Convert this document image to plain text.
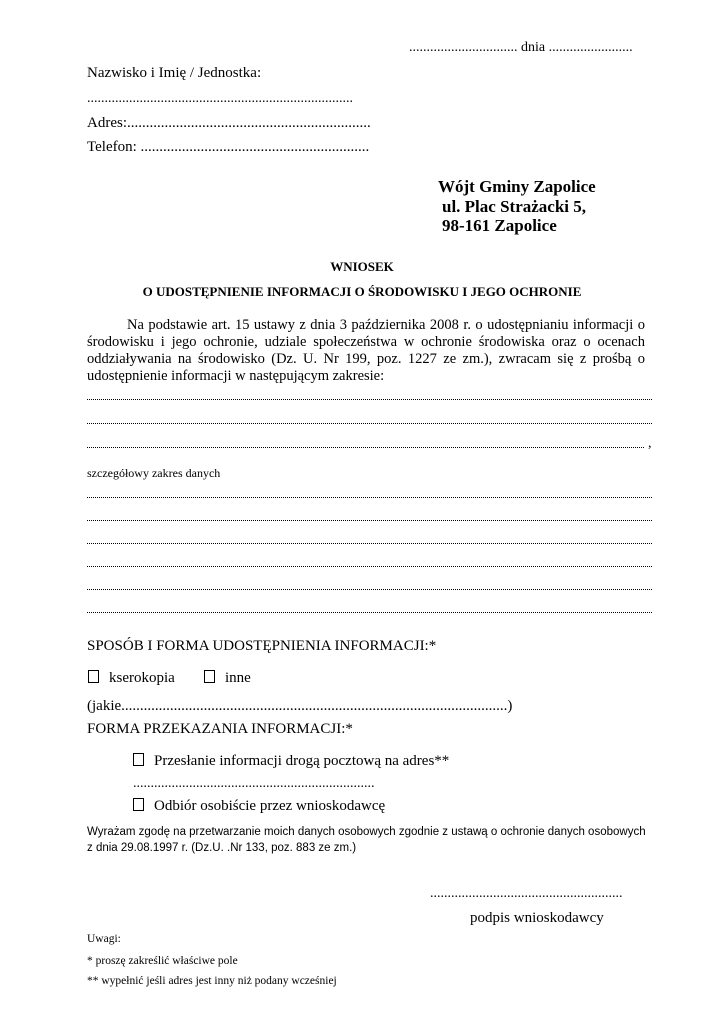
............................... dnia ........................
Nazwisko i Imię / Jednostka:
............................................................................
Adres:.................................................................
Telefon: .............................................................
Wójt Gminy Zapolice
ul. Plac Strażacki 5,
98-161 Zapolice
WNIOSEK
O UDOSTĘPNIENIE INFORMACJI O ŚRODOWISKU I JEGO OCHRONIE
Na podstawie art. 15 ustawy z dnia 3 października 2008 r. o udostępnianiu informacji o środowisku i jego ochronie, udziale społeczeństwa w ochronie środowiska oraz o ocenach oddziaływania na środowisko (Dz. U. Nr 199, poz. 1227 ze zm.), zwracam się z prośbą o udostępnienie informacji w następującym zakresie:
,
szczegółowy zakres danych
SPOSÓB I FORMA UDOSTĘPNIENIA INFORMACJI:*
kserokopia	inne
(jakie.......................................................................................................)
FORMA PRZEKAZANIA INFORMACJI:*
Przesłanie informacji drogą pocztową na adres**
.....................................................................
Odbiór osobiście przez wnioskodawcę
Wyrażam zgodę na przetwarzanie moich danych osobowych zgodnie z ustawą o ochronie danych osobowych z dnia 29.08.1997 r. (Dz.U. .Nr 133, poz. 883 ze zm.)
.......................................................
podpis wnioskodawcy
Uwagi:
* proszę zakreślić właściwe pole
** wypełnić jeśli adres jest inny niż podany wcześniej
